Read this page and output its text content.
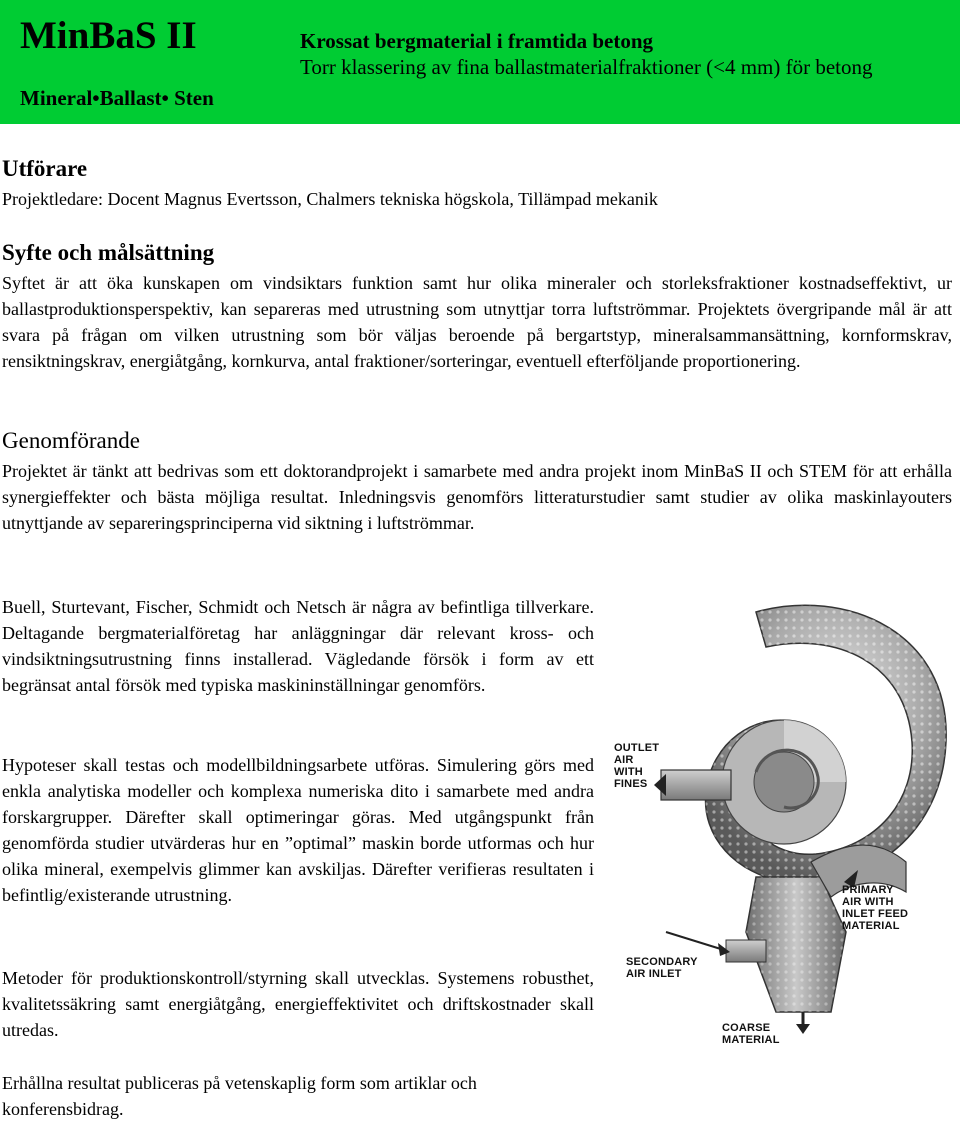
MinBaS II
Mineral•Ballast• Sten
Krossat bergmaterial i framtida betong
Torr klassering av fina ballastmaterialfraktioner (<4 mm) för betong
Utförare

Projektledare: Docent Magnus Evertsson, Chalmers tekniska högskola, Tillämpad mekanik

Syfte och målsättning

Syftet är att öka kunskapen om vindsiktars funktion samt hur olika mineraler och storleksfraktioner kostnadseffektivt, ur ballastproduktionsperspektiv, kan separeras med utrustning som utnyttjar torra luftströmmar. Projektets övergripande mål är att svara på frågan om vilken utrustning som bör väljas beroende på bergartstyp, mineralsammansättning, kornformskrav, rensiktningskrav, energiåtgång, kornkurva, antal fraktioner/sorteringar, eventuell efterföljande proportionering.

Genomförande

Projektet är tänkt att bedrivas som ett doktorandprojekt i samarbete med andra projekt inom MinBaS II och STEM för att erhålla synergieffekter och bästa möjliga resultat. Inledningsvis genomförs litteraturstudier samt studier av olika maskinlayouters utnyttjande av separeringsprinciperna vid siktning i luftströmmar.

Buell, Sturtevant, Fischer, Schmidt och Netsch är några av befintliga tillverkare. Deltagande bergmaterialföretag har anläggningar där relevant kross- och vindsiktningsutrustning finns installerad. Vägledande försök i form av ett begränsat antal försök med typiska maskininställningar genomförs.

Hypoteser skall testas och modellbildningsarbete utföras. Simulering görs med enkla analytiska modeller och komplexa numeriska dito i samarbete med andra forskargrupper. Därefter skall optimeringar göras. Med utgångspunkt från genomförda studier utvärderas hur en ”optimal” maskin borde utformas och hur olika mineral, exempelvis glimmer kan avskiljas. Därefter verifieras resultaten i befintlig/existerande utrustning.

Metoder för produktionskontroll/styrning skall utvecklas. Systemens robusthet, kvalitetssäkring samt energiåtgång, energieffektivitet och driftskostnader skall utredas.

Erhållna resultat publiceras på vetenskaplig form som artiklar och konferensbidrag.

OUTLET
AIR
WITH
FINES
PRIMARY
AIR WITH
INLET FEED
MATERIAL
SECONDARY
AIR INLET
COARSE
MATERIAL
